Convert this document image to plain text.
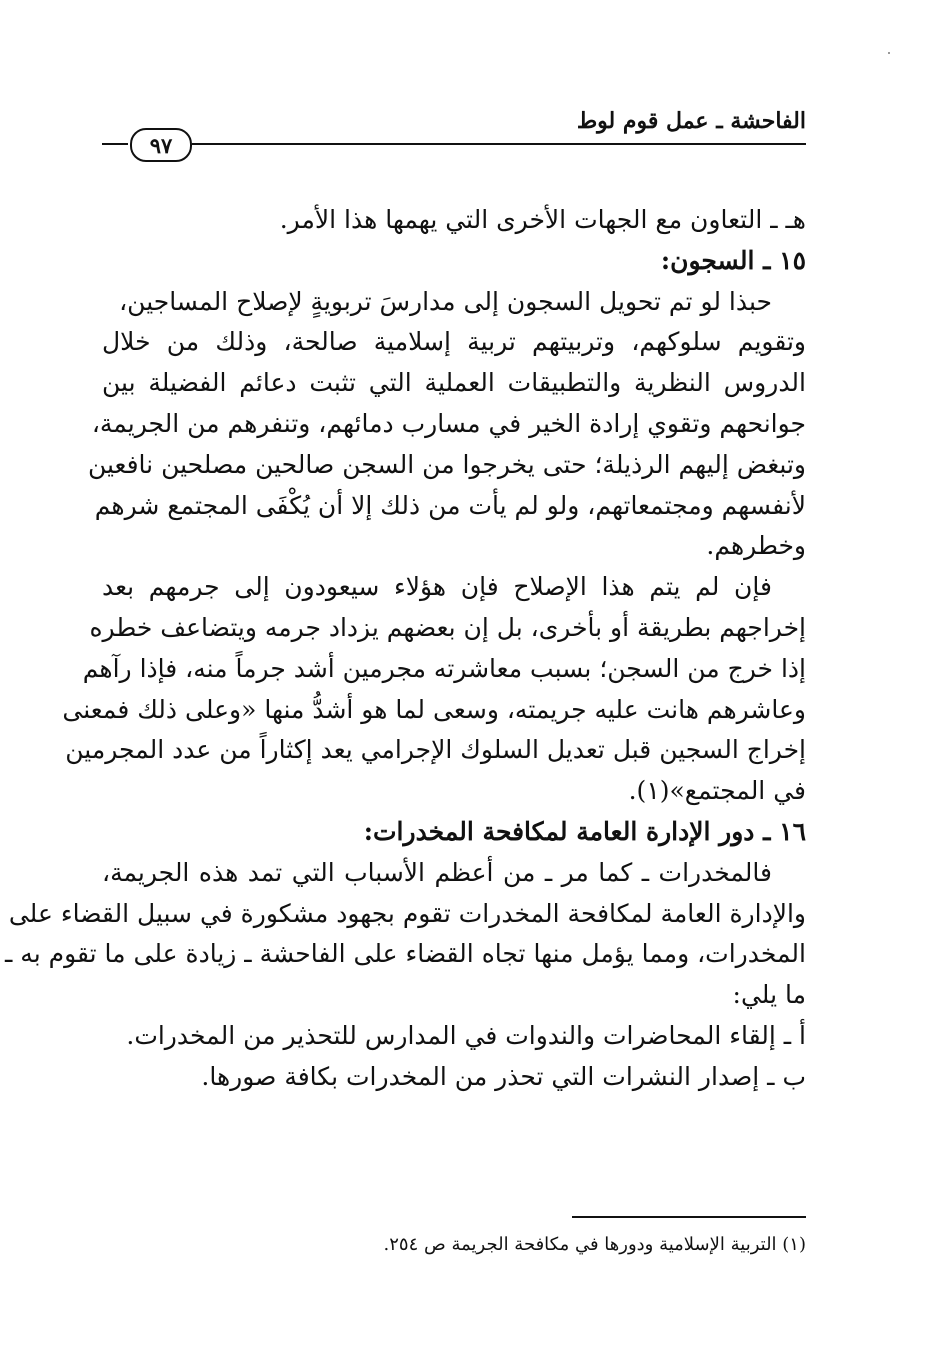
الفاحشة ـ عمل قوم لوط
٩٧
هـ ـ التعاون مع الجهات الأخرى التي يهمها هذا الأمر.
١٥ ـ السجون:
حبذا لو تم تحويل السجون إلى مدارسَ تربويةٍ لإصلاح المساجين،
وتقويم سلوكهم، وتربيتهم تربية إسلامية صالحة، وذلك من خلال
الدروس النظرية والتطبيقات العملية التي تثبت دعائم الفضيلة بين
جوانحهم وتقوي إرادة الخير في مسارب دمائهم، وتنفرهم من الجريمة،
وتبغض إليهم الرذيلة؛ حتى يخرجوا من السجن صالحين مصلحين نافعين
لأنفسهم ومجتمعاتهم، ولو لم يأت من ذلك إلا أن يُكْفَى المجتمع شرهم
وخطرهم.
فإن لم يتم هذا الإصلاح فإن هؤلاء سيعودون إلى جرمهم بعد
إخراجهم بطريقة أو بأخرى، بل إن بعضهم يزداد جرمه ويتضاعف خطره
إذا خرج من السجن؛ بسبب معاشرته مجرمين أشد جرماً منه، فإذا رآهم
وعاشرهم هانت عليه جريمته، وسعى لما هو أشدُّ منها «وعلى ذلك فمعنى
إخراج السجين قبل تعديل السلوك الإجرامي يعد إكثاراً من عدد المجرمين
في المجتمع»(١).
١٦ ـ دور الإدارة العامة لمكافحة المخدرات:
فالمخدرات ـ كما مر ـ من أعظم الأسباب التي تمد هذه الجريمة،
والإدارة العامة لمكافحة المخدرات تقوم بجهود مشكورة في سبيل القضاء على
المخدرات، ومما يؤمل منها تجاه القضاء على الفاحشة ـ زيادة على ما تقوم به ـ
ما يلي:
أ ـ إلقاء المحاضرات والندوات في المدارس للتحذير من المخدرات.
ب ـ إصدار النشرات التي تحذر من المخدرات بكافة صورها.
(١) التربية الإسلامية ودورها في مكافحة الجريمة ص ٢٥٤.
